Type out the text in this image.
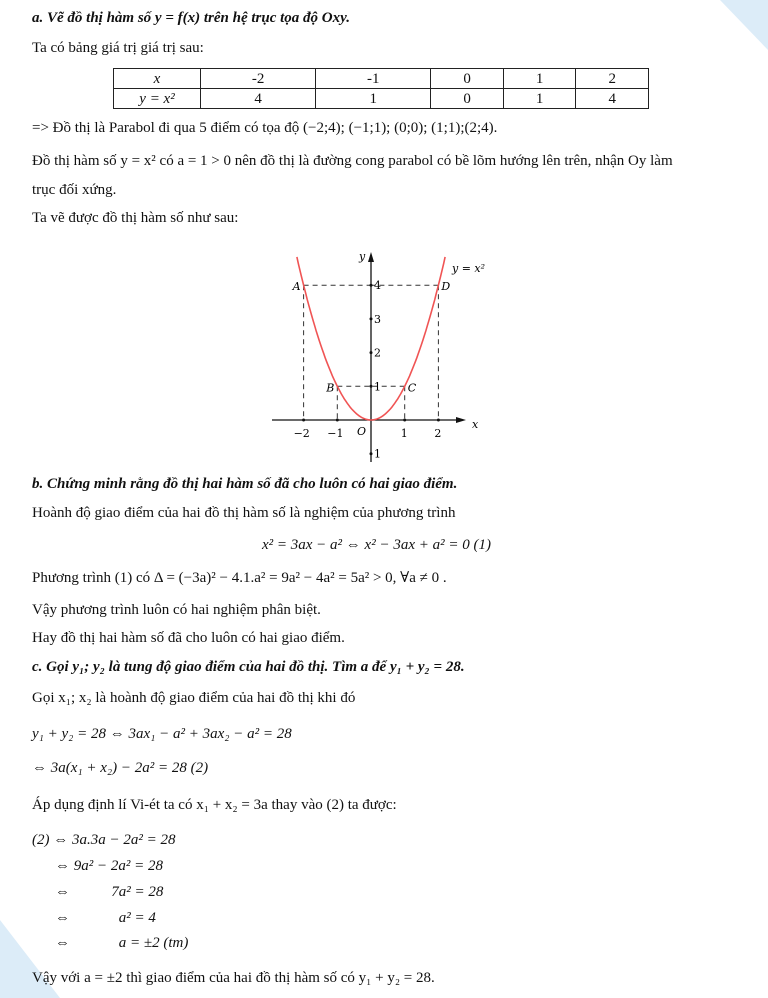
a. Vẽ đồ thị hàm số y = f(x) trên hệ trục tọa độ Oxy.
Ta có bảng giá trị giá trị sau:
x	-2	-1	0	1	2
y = x²	4	1	0	1	4
=> Đồ thị là Parabol đi qua 5 điểm có tọa độ (−2;4); (−1;1); (0;0); (1;1);(2;4).
Đồ thị hàm số y = x² có a = 1 > 0 nên đồ thị là đường cong parabol có bề lõm hướng lên trên, nhận Oy làm
trục đối xứng.
Ta vẽ được đồ thị hàm số như sau:
−2 −1	1 2
1
2
3
4
1
O
x
y
y = x²
A
B	C
D
b. Chứng minh rằng đồ thị hai hàm số đã cho luôn có hai giao điểm.
Hoành độ giao điểm của hai đồ thị hàm số là nghiệm của phương trình
x² = 3ax − a² ⇔ x² − 3ax + a² = 0 (1)
Phương trình (1) có Δ = (−3a)² − 4.1.a² = 9a² − 4a² = 5a² > 0, ∀a ≠ 0 .
Vậy phương trình luôn có hai nghiệm phân biệt.
Hay đồ thị hai hàm số đã cho luôn có hai giao điểm.
c. Gọi y₁; y₂ là tung độ giao điểm của hai đồ thị. Tìm a để y₁ + y₂ = 28.
Gọi x₁; x₂ là hoành độ giao điểm của hai đồ thị khi đó
y₁ + y₂ = 28 ⇔ 3ax₁ − a² + 3ax₂ − a² = 28
⇔ 3a(x₁ + x₂) − 2a² = 28 (2)
Áp dụng định lí Vi-ét ta có x₁ + x₂ = 3a thay vào (2) ta được:
(2) ⇔ 3a.3a − 2a² = 28
⇔ 9a² − 2a² = 28
⇔           7a² = 28
⇔             a² = 4
⇔             a = ±2 (tm)
Vậy với a = ±2 thì giao điểm của hai đồ thị hàm số có y₁ + y₂ = 28.
